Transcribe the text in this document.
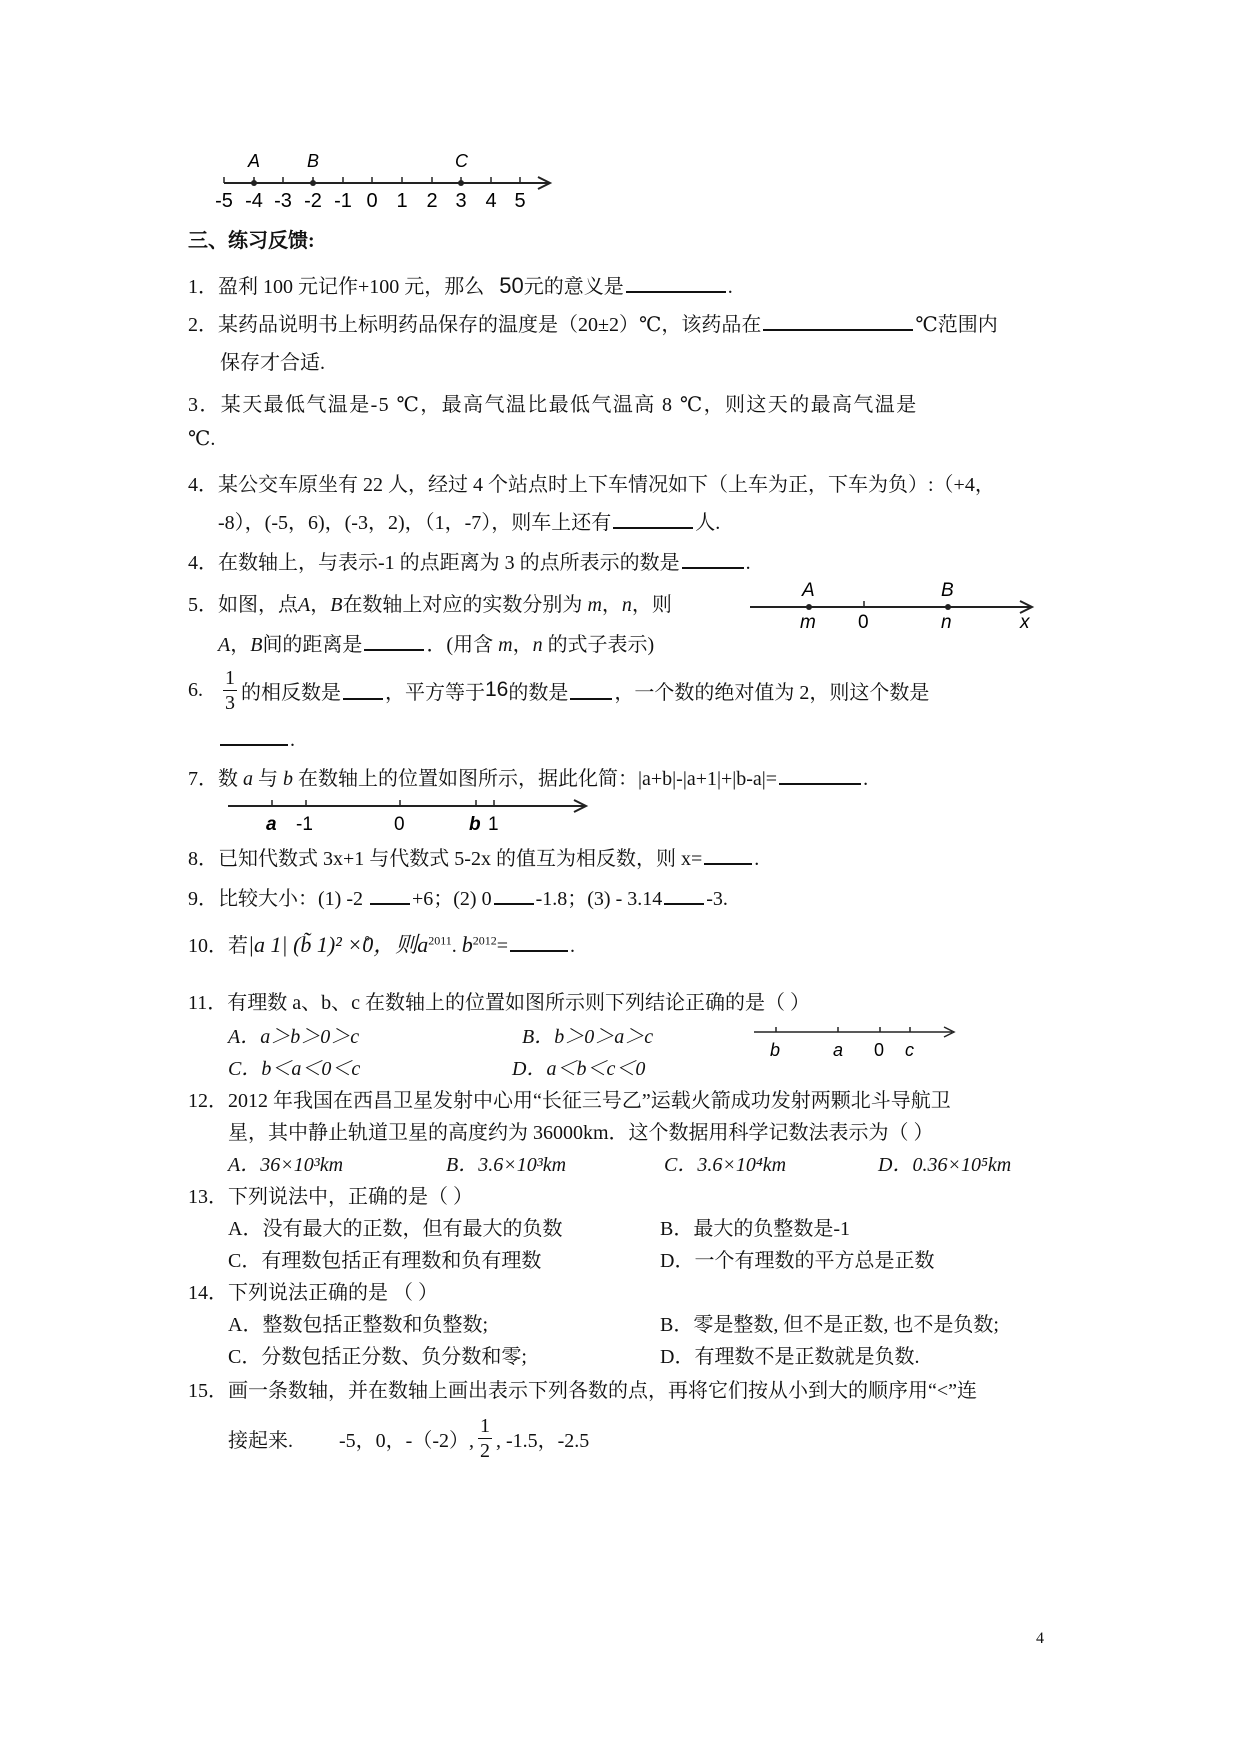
A	B	C
-5 -4 -3 -2 -1 0 1 2 3 4 5
三、练习反馈:
1．盈利 100 元记作+100 元，那么 50元的意义是	.
2．某药品说明书上标明药品保存的温度是（20±2）℃，该药品在	℃范围内
保存才合适.
3．某天最低气温是-5 ℃，最高气温比最低气温高 8 ℃，则这天的最高气温是
℃.
4．某公交车原坐有 22 人，经过 4 个站点时上下车情况如下（上车为正，下车为负）:（+4，
-8），(-5，6)，(-3，2)，（1，-7），则车上还有	人.
4．在数轴上，与表示-1 的点距离为 3 的点所表示的数是	.
5．如图，点A，B在数轴上对应的实数分别为 m，n，则
A，B间的距离是	．(用含 m，n 的式子表示)
A	B
m 0	n	x
6. $\frac{1}{3}$ 的相反数是 ，平方等于 16 的数是 ，一个数的绝对值为 2，则这个数是
.
7．数 a 与 b 在数轴上的位置如图所示，据此化简：|a+b|-|a+1|+|b-a|=	.
a -1	0	b 1
8．已知代数式 3x+1 与代数式 5-2x 的值互为相反数，则 x=	.
9．比较大小：(1) -2 +6；(2) 0 -1.8；(3) - 3.14 -3.
10．若|a 1| (b̃ 1)² ×̊0，则$a^{2011}$. $b^{2012}=$	.
11．有理数 a、b、c 在数轴上的位置如图所示则下列结论正确的是（ ）
A．a＞b＞0＞c	B．b＞0＞a＞c
C．b＜a＜0＜c	D．a＜b＜c＜0
b	a 0 c
12．2012 年我国在西昌卫星发射中心用“长征三号乙”运载火箭成功发射两颗北斗导航卫
星，其中静止轨道卫星的高度约为 36000km．这个数据用科学记数法表示为（ ）
A．36×10³km	B．3.6×10³km	C．3.6×10⁴km	D．0.36×10⁵km
13．下列说法中，正确的是（ ）
A．没有最大的正数，但有最大的负数	B．最大的负整数是-1
C．有理数包括正有理数和负有理数	D．一个有理数的平方总是正数
14．下列说法正确的是 （ ）
A．整数包括正整数和负整数;	B．零是整数, 但不是正数, 也不是负数;
C．分数包括正分数、负分数和零;	D．有理数不是正数就是负数.
15．画一条数轴，并在数轴上画出表示下列各数的点，再将它们按从小到大的顺序用“<”连
接起来. -5，0，-（-2）, $\frac{1}{2}$ , -1.5，-2.5
4
